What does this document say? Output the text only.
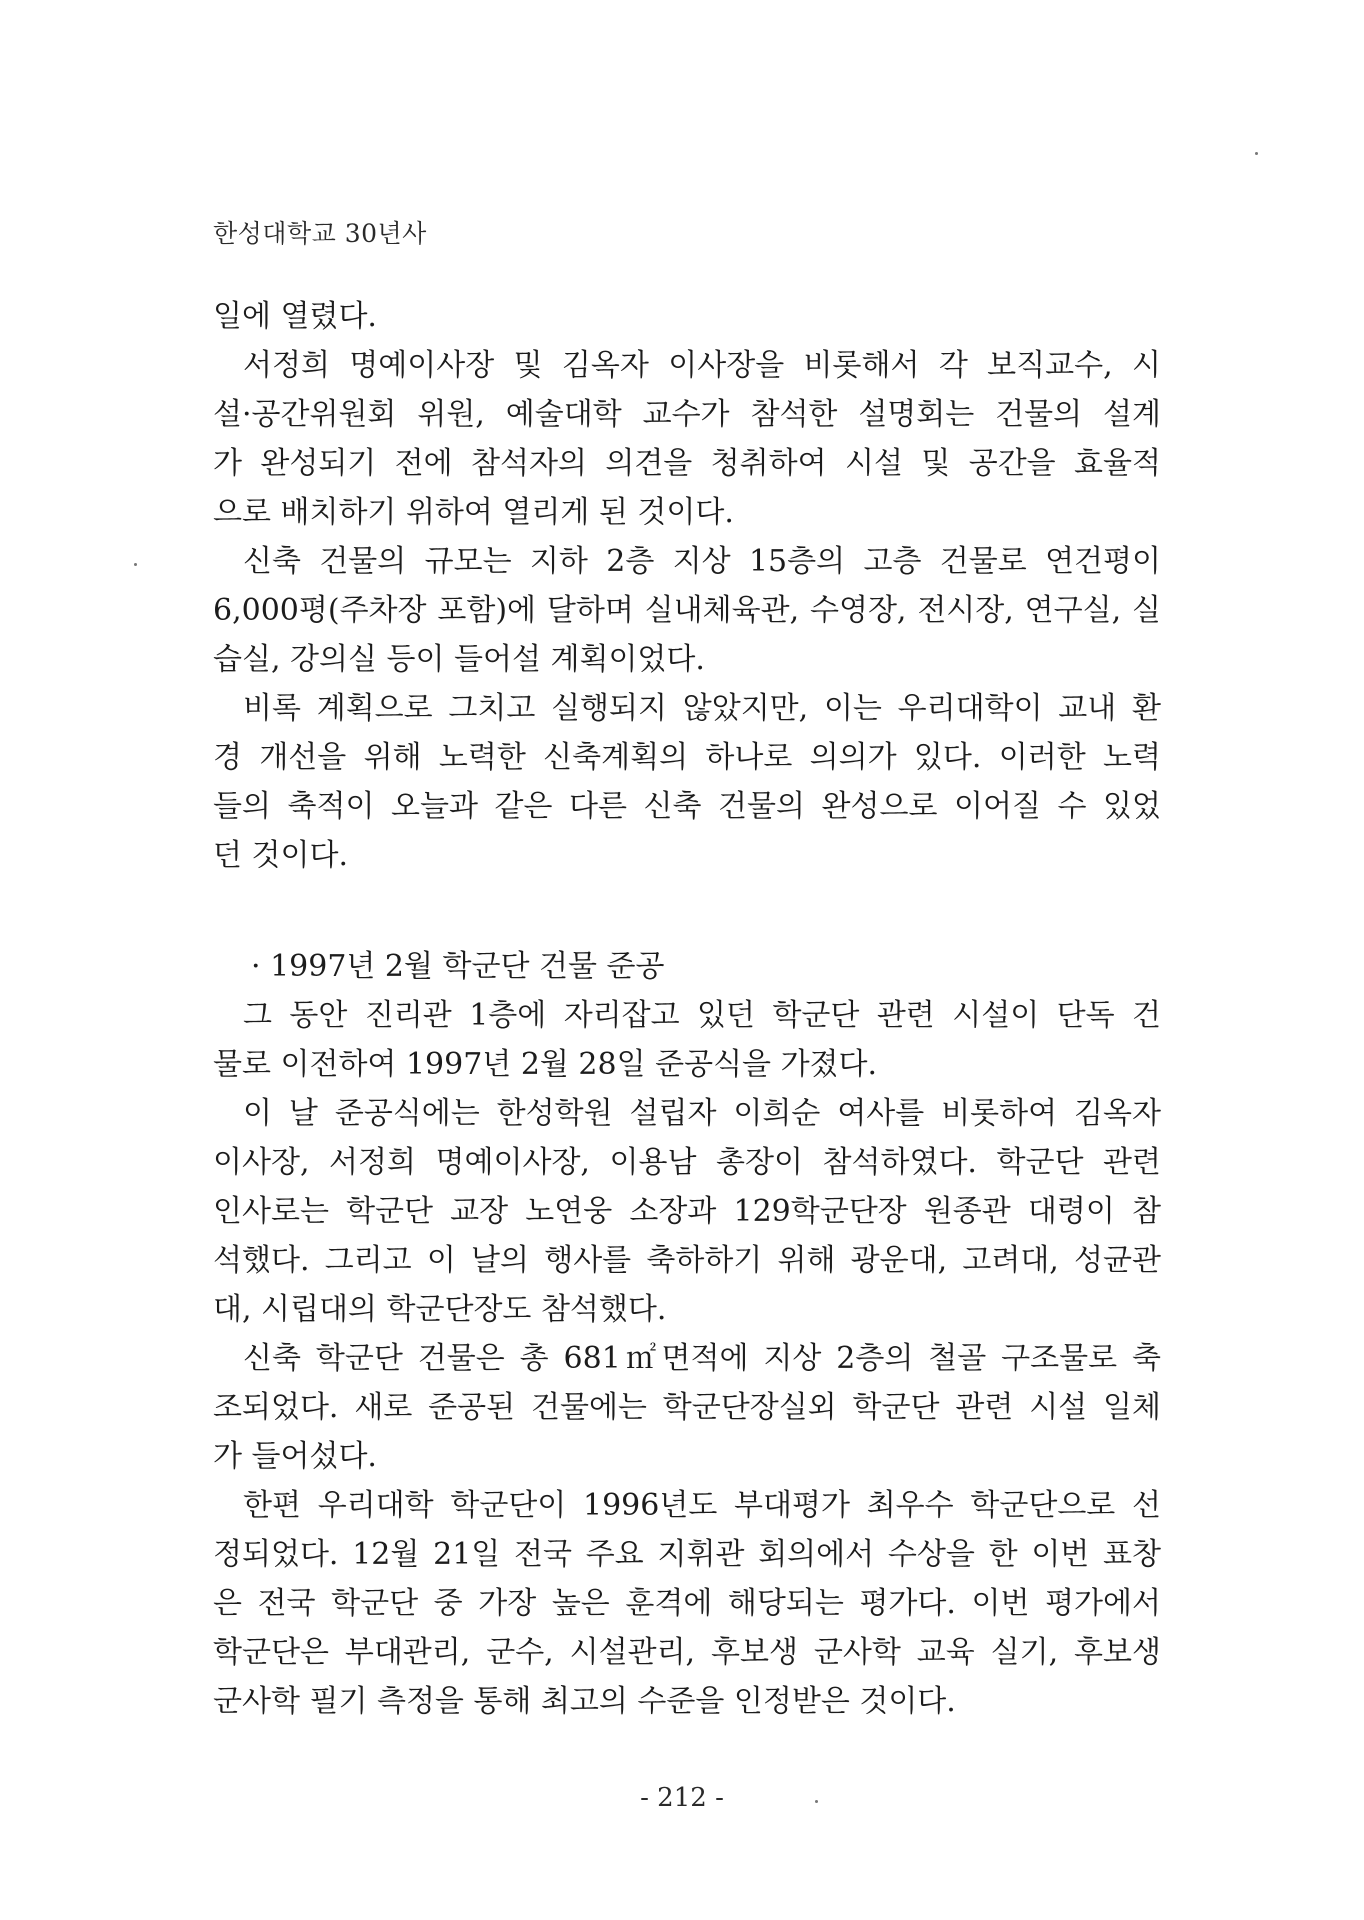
한성대학교 30년사
일에 열렸다.
서정희 명예이사장 및 김옥자 이사장을 비롯해서 각 보직교수, 시
설·공간위원회 위원, 예술대학 교수가 참석한 설명회는 건물의 설계
가 완성되기 전에 참석자의 의견을 청취하여 시설 및 공간을 효율적
으로 배치하기 위하여 열리게 된 것이다.
신축 건물의 규모는 지하 2층 지상 15층의 고층 건물로 연건평이
6,000평(주차장 포함)에 달하며 실내체육관, 수영장, 전시장, 연구실, 실
습실, 강의실 등이 들어설 계획이었다.
비록 계획으로 그치고 실행되지 않았지만, 이는 우리대학이 교내 환
경 개선을 위해 노력한 신축계획의 하나로 의의가 있다. 이러한 노력
들의 축적이 오늘과 같은 다른 신축 건물의 완성으로 이어질 수 있었
던 것이다.
· 1997년 2월 학군단 건물 준공
그 동안 진리관 1층에 자리잡고 있던 학군단 관련 시설이 단독 건
물로 이전하여 1997년 2월 28일 준공식을 가졌다.
이 날 준공식에는 한성학원 설립자 이희순 여사를 비롯하여 김옥자
이사장, 서정희 명예이사장, 이용남 총장이 참석하였다. 학군단 관련
인사로는 학군단 교장 노연웅 소장과 129학군단장 원종관 대령이 참
석했다. 그리고 이 날의 행사를 축하하기 위해 광운대, 고려대, 성균관
대, 시립대의 학군단장도 참석했다.
신축 학군단 건물은 총 681㎡면적에 지상 2층의 철골 구조물로 축
조되었다. 새로 준공된 건물에는 학군단장실외 학군단 관련 시설 일체
가 들어섰다.
한편 우리대학 학군단이 1996년도 부대평가 최우수 학군단으로 선
정되었다. 12월 21일 전국 주요 지휘관 회의에서 수상을 한 이번 표창
은 전국 학군단 중 가장 높은 훈격에 해당되는 평가다. 이번 평가에서
학군단은 부대관리, 군수, 시설관리, 후보생 군사학 교육 실기, 후보생
군사학 필기 측정을 통해 최고의 수준을 인정받은 것이다.
- 212 -
